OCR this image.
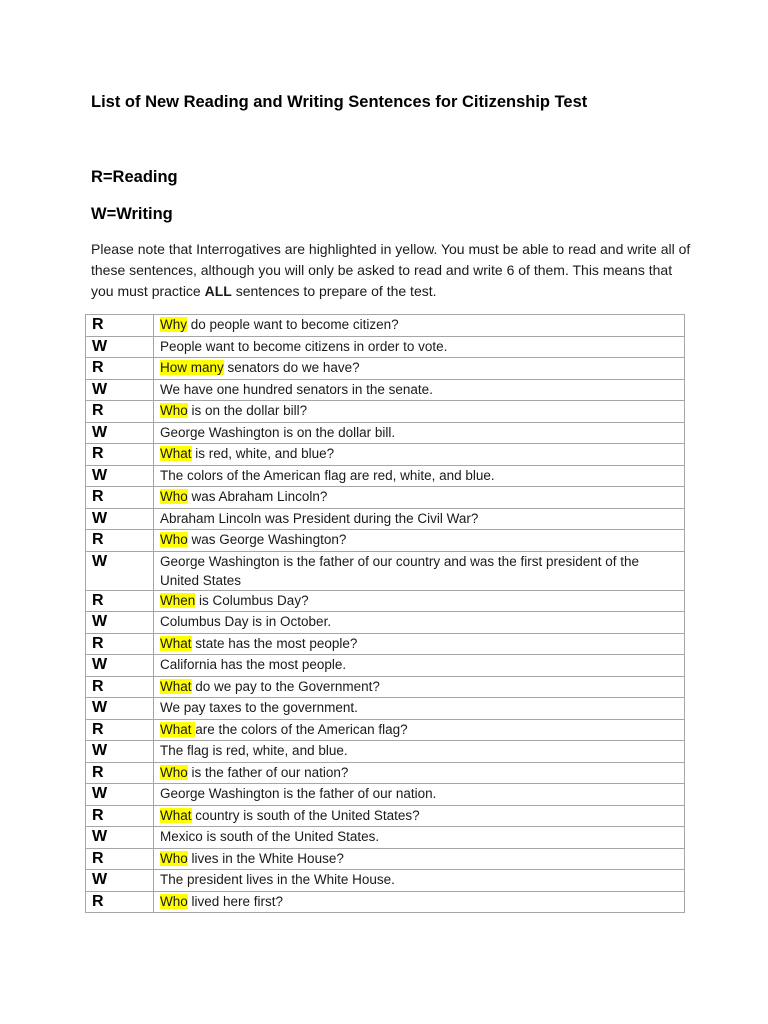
List of New Reading and Writing Sentences for Citizenship Test
R=Reading
W=Writing
Please note that Interrogatives are highlighted in yellow. You must be able to read and write all of these sentences, although you will only be asked to read and write 6 of them. This means that you must practice ALL sentences to prepare of the test.
R	Why do people want to become citizen?
W	People want to become citizens in order to vote.
R	How many senators do we have?
W	We have one hundred senators in the senate.
R	Who is on the dollar bill?
W	George Washington is on the dollar bill.
R	What is red, white, and blue?
W	The colors of the American flag are red, white, and blue.
R	Who was Abraham Lincoln?
W	Abraham Lincoln was President during the Civil War?
R	Who was George Washington?
W	George Washington is the father of our country and was the first president of the United States
R	When is Columbus Day?
W	Columbus Day is in October.
R	What state has the most people?
W	California has the most people.
R	What do we pay to the Government?
W	We pay taxes to the government.
R	What are the colors of the American flag?
W	The flag is red, white, and blue.
R	Who is the father of our nation?
W	George Washington is the father of our nation.
R	What country is south of the United States?
W	Mexico is south of the United States.
R	Who lives in the White House?
W	The president lives in the White House.
R	Who lived here first?
